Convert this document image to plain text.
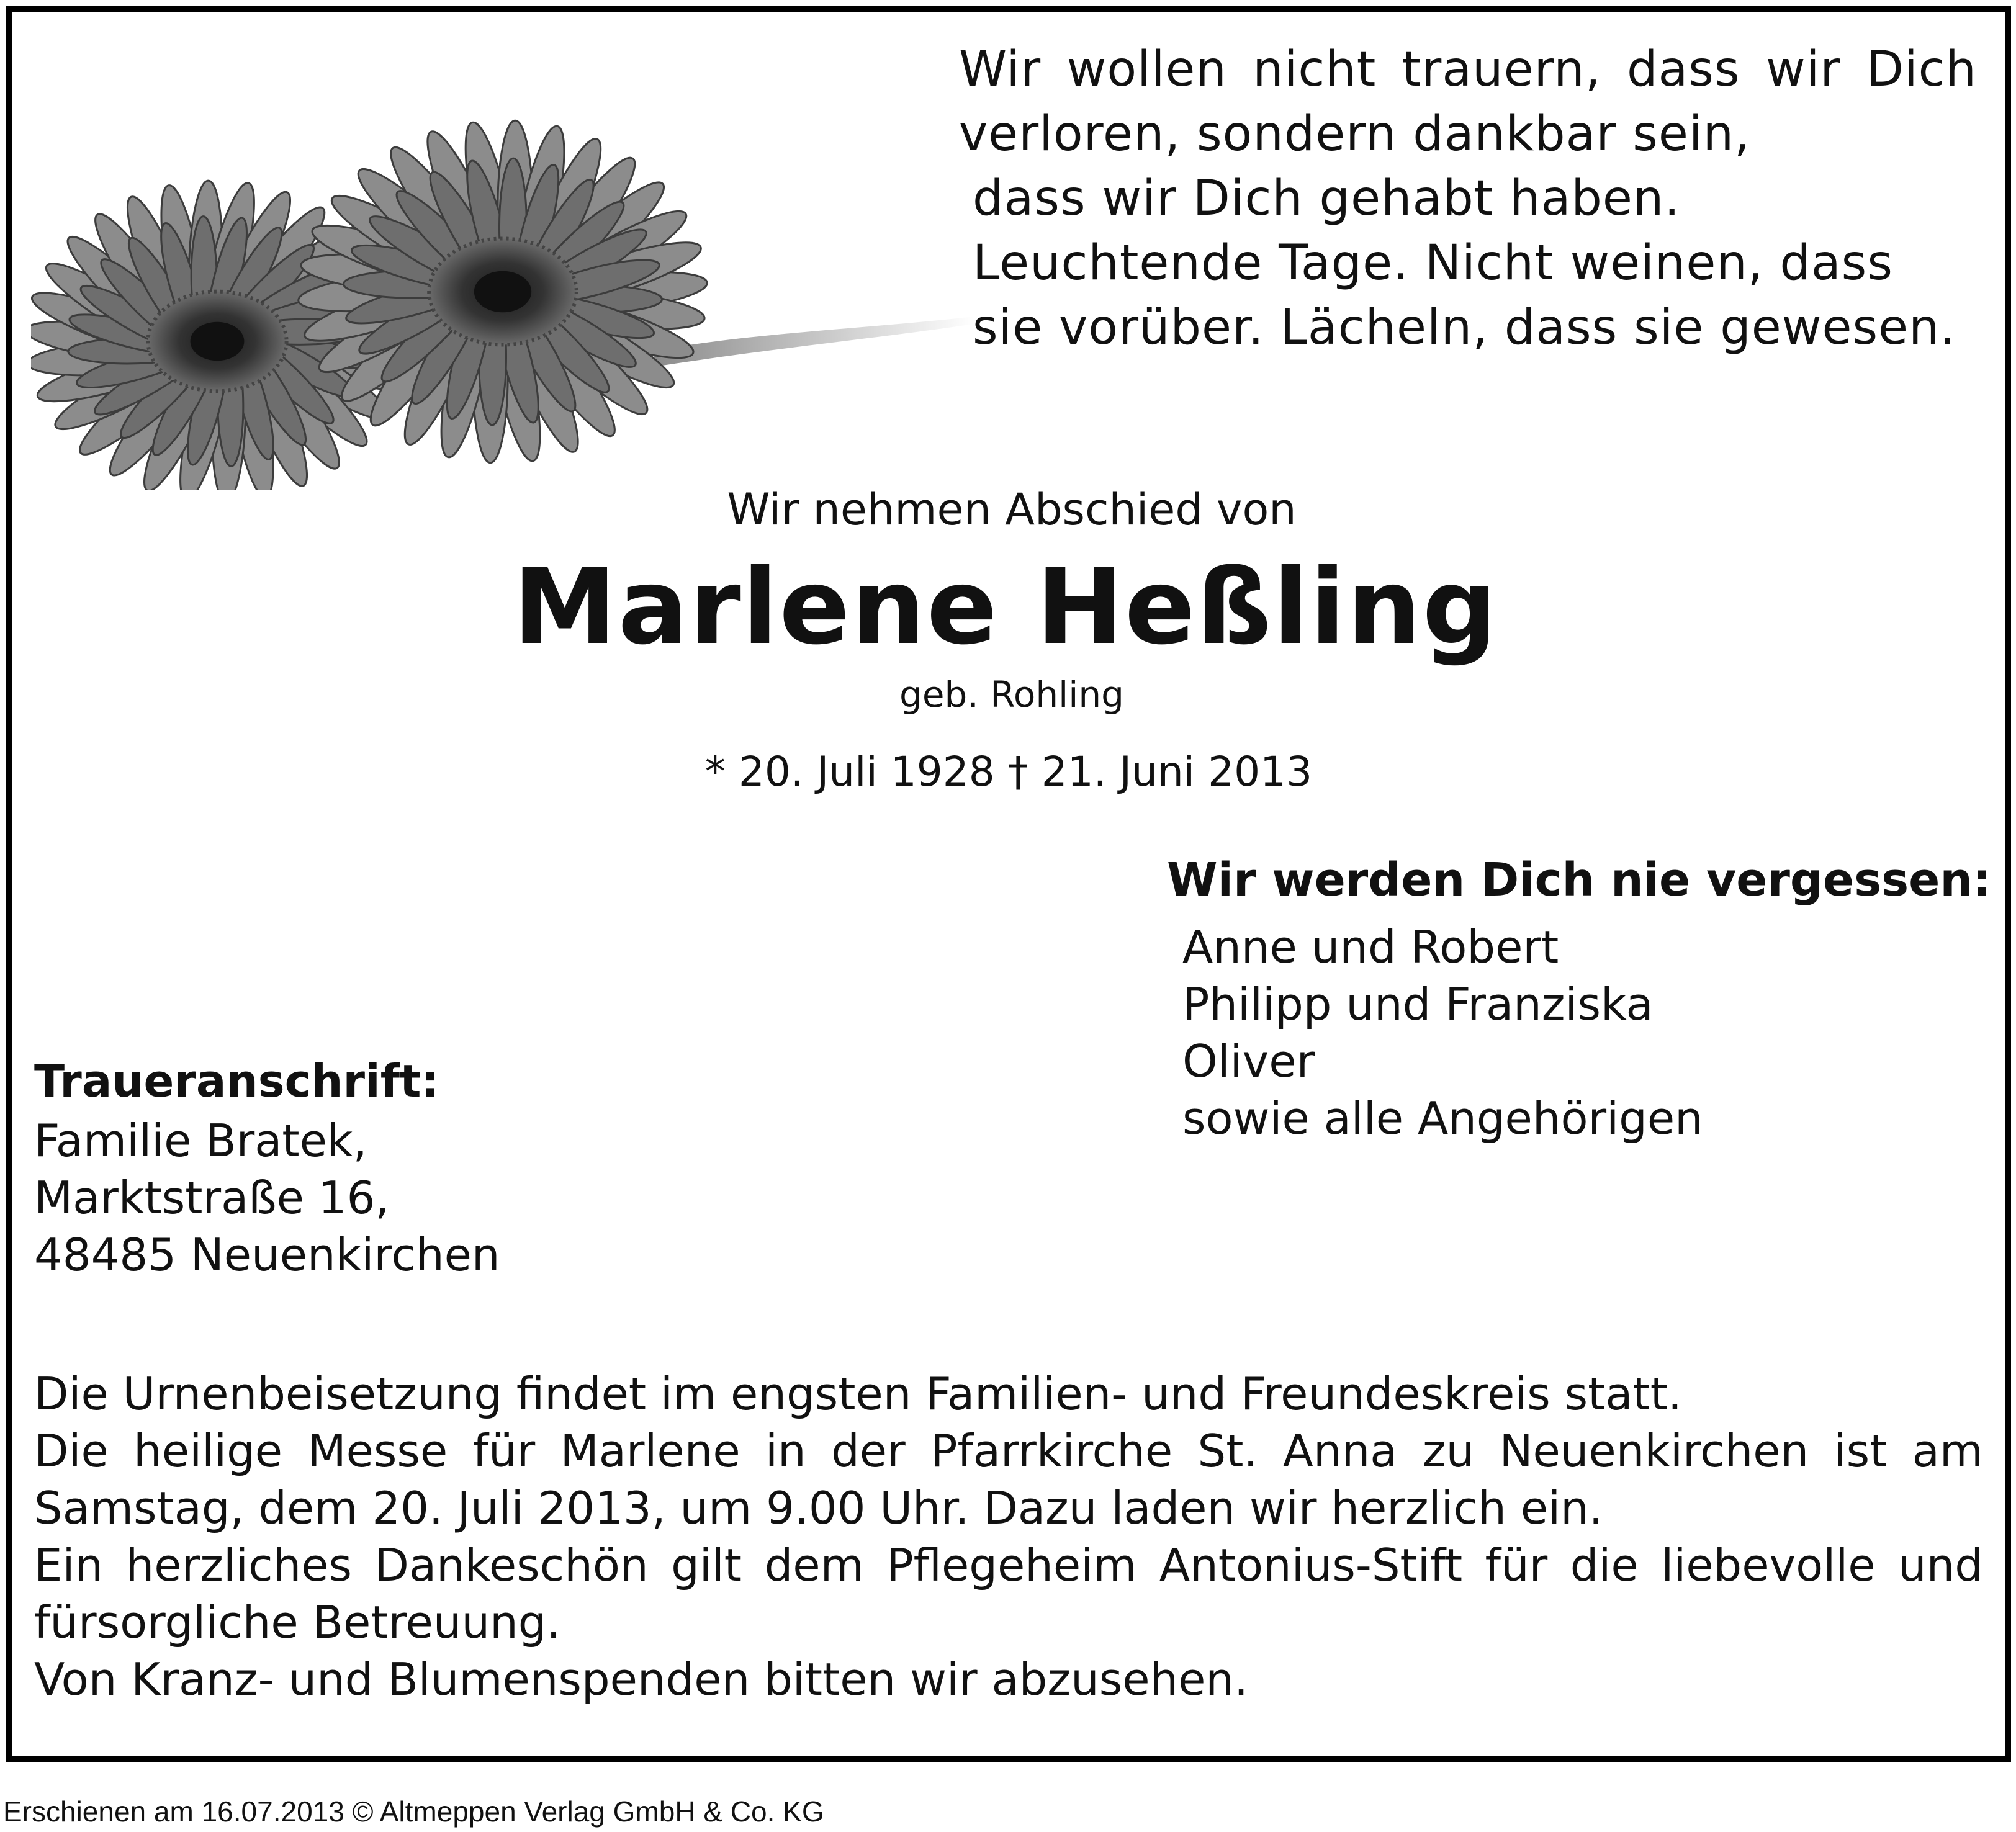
Wir wollen nicht trauern, dass wir Dich
verloren, sondern dankbar sein,
dass wir Dich gehabt haben.
Leuchtende Tage. Nicht weinen, dass
sie vorüber. Lächeln, dass sie gewesen.
Wir nehmen Abschied von
Marlene Heßling
geb. Rohling
* 20. Juli 1928 † 21. Juni 2013
Wir werden Dich nie vergessen:
Anne und Robert
Philipp und Franziska
Oliver
sowie alle Angehörigen
Traueranschrift:
Familie Bratek,
Marktstraße 16,
48485 Neuenkirchen
Die Urnenbeisetzung findet im engsten Familien- und Freundeskreis statt.
Die heilige Messe für Marlene in der Pfarrkirche St. Anna zu Neuenkirchen ist am
Samstag, dem 20. Juli 2013, um 9.00 Uhr. Dazu laden wir herzlich ein.
Ein herzliches Dankeschön gilt dem Pflegeheim Antonius-Stift für die liebevolle und
fürsorgliche Betreuung.
Von Kranz- und Blumenspenden bitten wir abzusehen.
Erschienen am 16.07.2013 © Altmeppen Verlag GmbH & Co. KG
